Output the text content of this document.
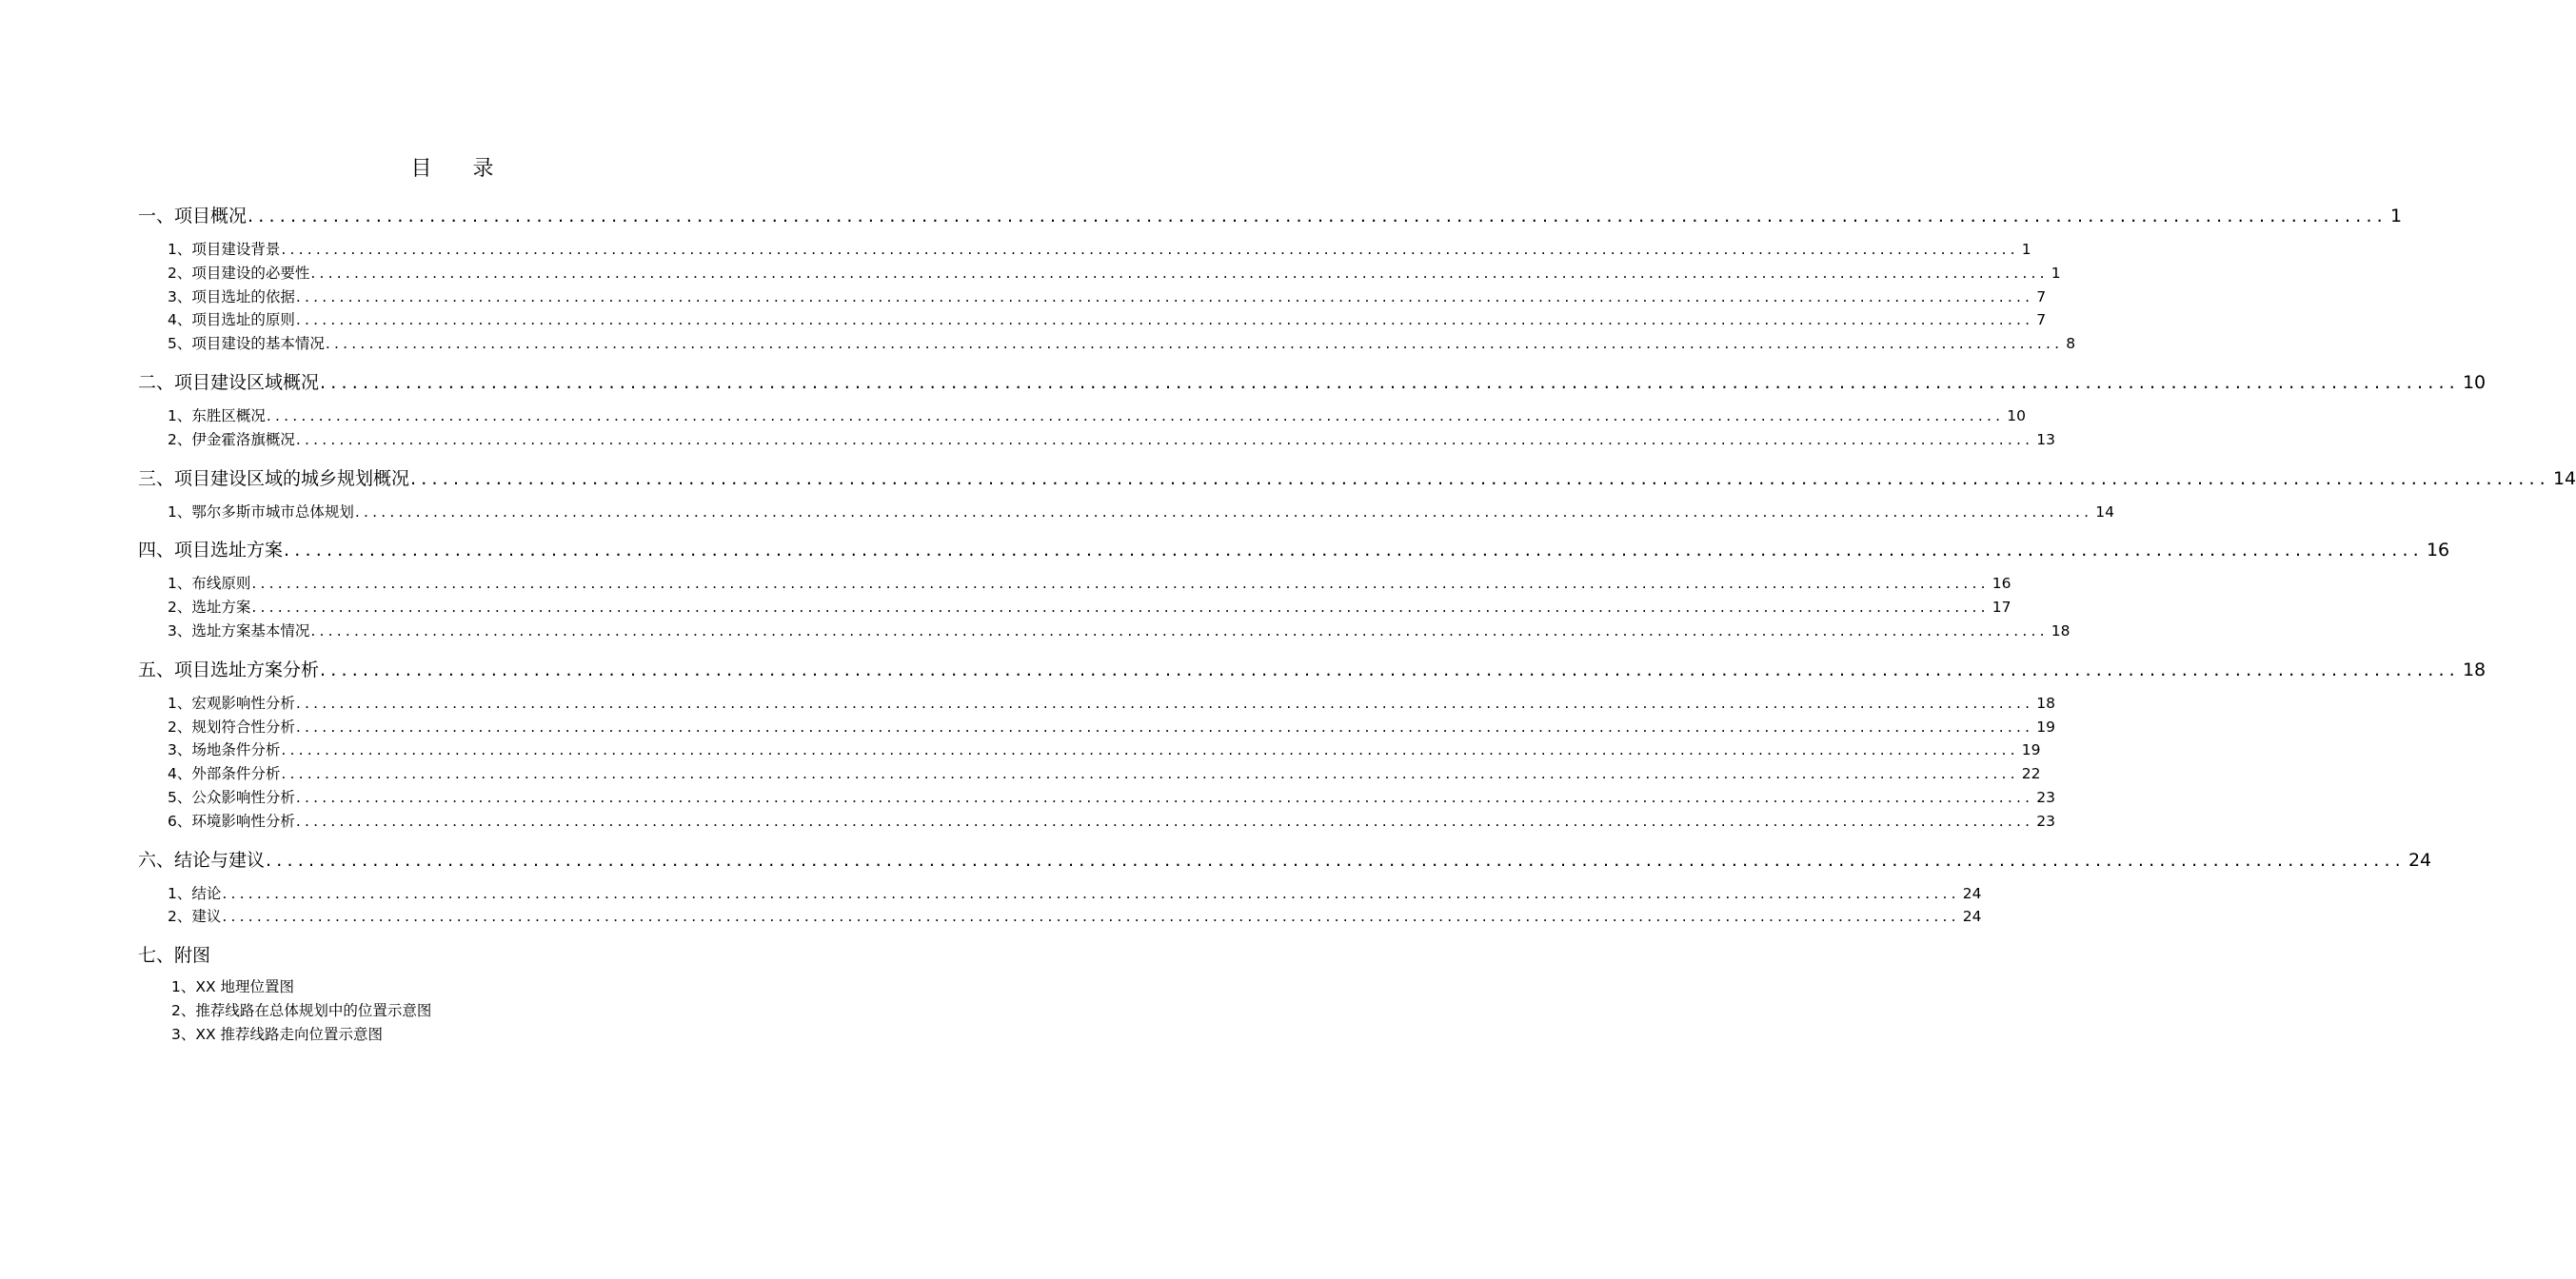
目 录
一、项目概况 ........................................................................................................................................................................................................ 1
1、项目建设背景 ........................................................................................................................................................................................................ 1
2、项目建设的必要性 ........................................................................................................................................................................................................ 1
3、项目选址的依据 ........................................................................................................................................................................................................ 7
4、项目选址的原则 ........................................................................................................................................................................................................ 7
5、项目建设的基本情况 ........................................................................................................................................................................................................ 8
二、项目建设区域概况 ........................................................................................................................................................................................................ 10
1、东胜区概况 ........................................................................................................................................................................................................ 10
2、伊金霍洛旗概况 ........................................................................................................................................................................................................ 13
三、项目建设区域的城乡规划概况 ........................................................................................................................................................................................................ 14
1、鄂尔多斯市城市总体规划 ........................................................................................................................................................................................................ 14
四、项目选址方案 ........................................................................................................................................................................................................ 16
1、布线原则 ........................................................................................................................................................................................................ 16
2、选址方案 ........................................................................................................................................................................................................ 17
3、选址方案基本情况 ........................................................................................................................................................................................................ 18
五、项目选址方案分析 ........................................................................................................................................................................................................ 18
1、宏观影响性分析 ........................................................................................................................................................................................................ 18
2、规划符合性分析 ........................................................................................................................................................................................................ 19
3、场地条件分析 ........................................................................................................................................................................................................ 19
4、外部条件分析 ........................................................................................................................................................................................................ 22
5、公众影响性分析 ........................................................................................................................................................................................................ 23
6、环境影响性分析 ........................................................................................................................................................................................................ 23
六、结论与建议 ........................................................................................................................................................................................................ 24
1、结论 ........................................................................................................................................................................................................ 24
2、建议 ........................................................................................................................................................................................................ 24
七、附图
1、XX 地理位置图
2、推荐线路在总体规划中的位置示意图
3、XX 推荐线路走向位置示意图
